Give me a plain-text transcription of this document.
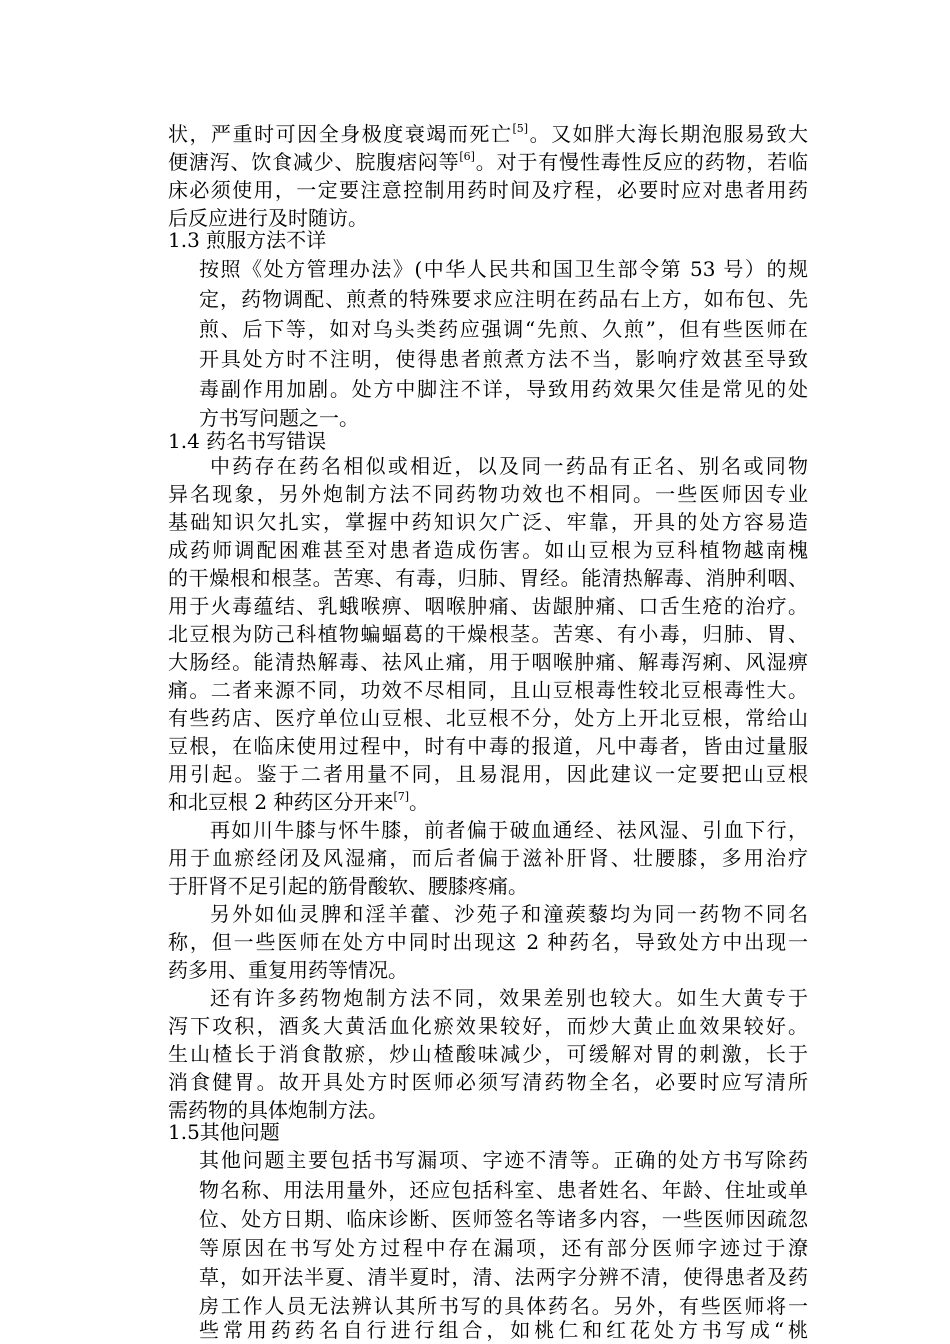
状，严重时可因全身极度衰竭而死亡[5]。又如胖大海长期泡服易致大
便溏泻、饮食减少、脘腹痞闷等[6]。对于有慢性毒性反应的药物，若临
床必须使用，一定要注意控制用药时间及疗程，必要时应对患者用药
后反应进行及时随访。
1.3 煎服方法不详
按照《处方管理办法》(中华人民共和国卫生部令第 53 号）的规
定，药物调配、煎煮的特殊要求应注明在药品右上方，如布包、先
煎、后下等，如对乌头类药应强调“先煎、久煎”，但有些医师在
开具处方时不注明，使得患者煎煮方法不当，影响疗效甚至导致
毒副作用加剧。处方中脚注不详，导致用药效果欠佳是常见的处
方书写问题之一。
1.4 药名书写错误
中药存在药名相似或相近，以及同一药品有正名、别名或同物
异名现象，另外炮制方法不同药物功效也不相同。一些医师因专业
基础知识欠扎实，掌握中药知识欠广泛、牢靠，开具的处方容易造
成药师调配困难甚至对患者造成伤害。如山豆根为豆科植物越南槐
的干燥根和根茎。苦寒、有毒，归肺、胃经。能清热解毒、消肿利咽、
用于火毒蕴结、乳蛾喉痹、咽喉肿痛、齿龈肿痛、口舌生疮的治疗。
北豆根为防己科植物蝙蝠葛的干燥根茎。苦寒、有小毒，归肺、胃、
大肠经。能清热解毒、祛风止痛，用于咽喉肿痛、解毒泻痢、风湿痹
痛。二者来源不同，功效不尽相同，且山豆根毒性较北豆根毒性大。
有些药店、医疗单位山豆根、北豆根不分，处方上开北豆根，常给山
豆根，在临床使用过程中，时有中毒的报道，凡中毒者，皆由过量服
用引起。鉴于二者用量不同，且易混用，因此建议一定要把山豆根
和北豆根 2 种药区分开来[7]。
再如川牛膝与怀牛膝，前者偏于破血通经、祛风湿、引血下行，
用于血瘀经闭及风湿痛，而后者偏于滋补肝肾、壮腰膝，多用治疗
于肝肾不足引起的筋骨酸软、腰膝疼痛。
另外如仙灵脾和淫羊藿、沙苑子和潼蒺藜均为同一药物不同名
称，但一些医师在处方中同时出现这 2 种药名，导致处方中出现一
药多用、重复用药等情况。
还有许多药物炮制方法不同，效果差别也较大。如生大黄专于
泻下攻积，酒炙大黄活血化瘀效果较好，而炒大黄止血效果较好。
生山楂长于消食散瘀，炒山楂酸味减少，可缓解对胃的刺激，长于
消食健胃。故开具处方时医师必须写清药物全名，必要时应写清所
需药物的具体炮制方法。
1.5其他问题
其他问题主要包括书写漏项、字迹不清等。正确的处方书写除药
物名称、用法用量外，还应包括科室、患者姓名、年龄、住址或单
位、处方日期、临床诊断、医师签名等诸多内容，一些医师因疏忽
等原因在书写处方过程中存在漏项，还有部分医师字迹过于潦
草，如开法半夏、清半夏时，清、法两字分辨不清，使得患者及药
房工作人员无法辨认其所书写的具体药名。另外，有些医师将一
些常用药药名自行进行组合，如桃仁和红花处方书写成“桃
